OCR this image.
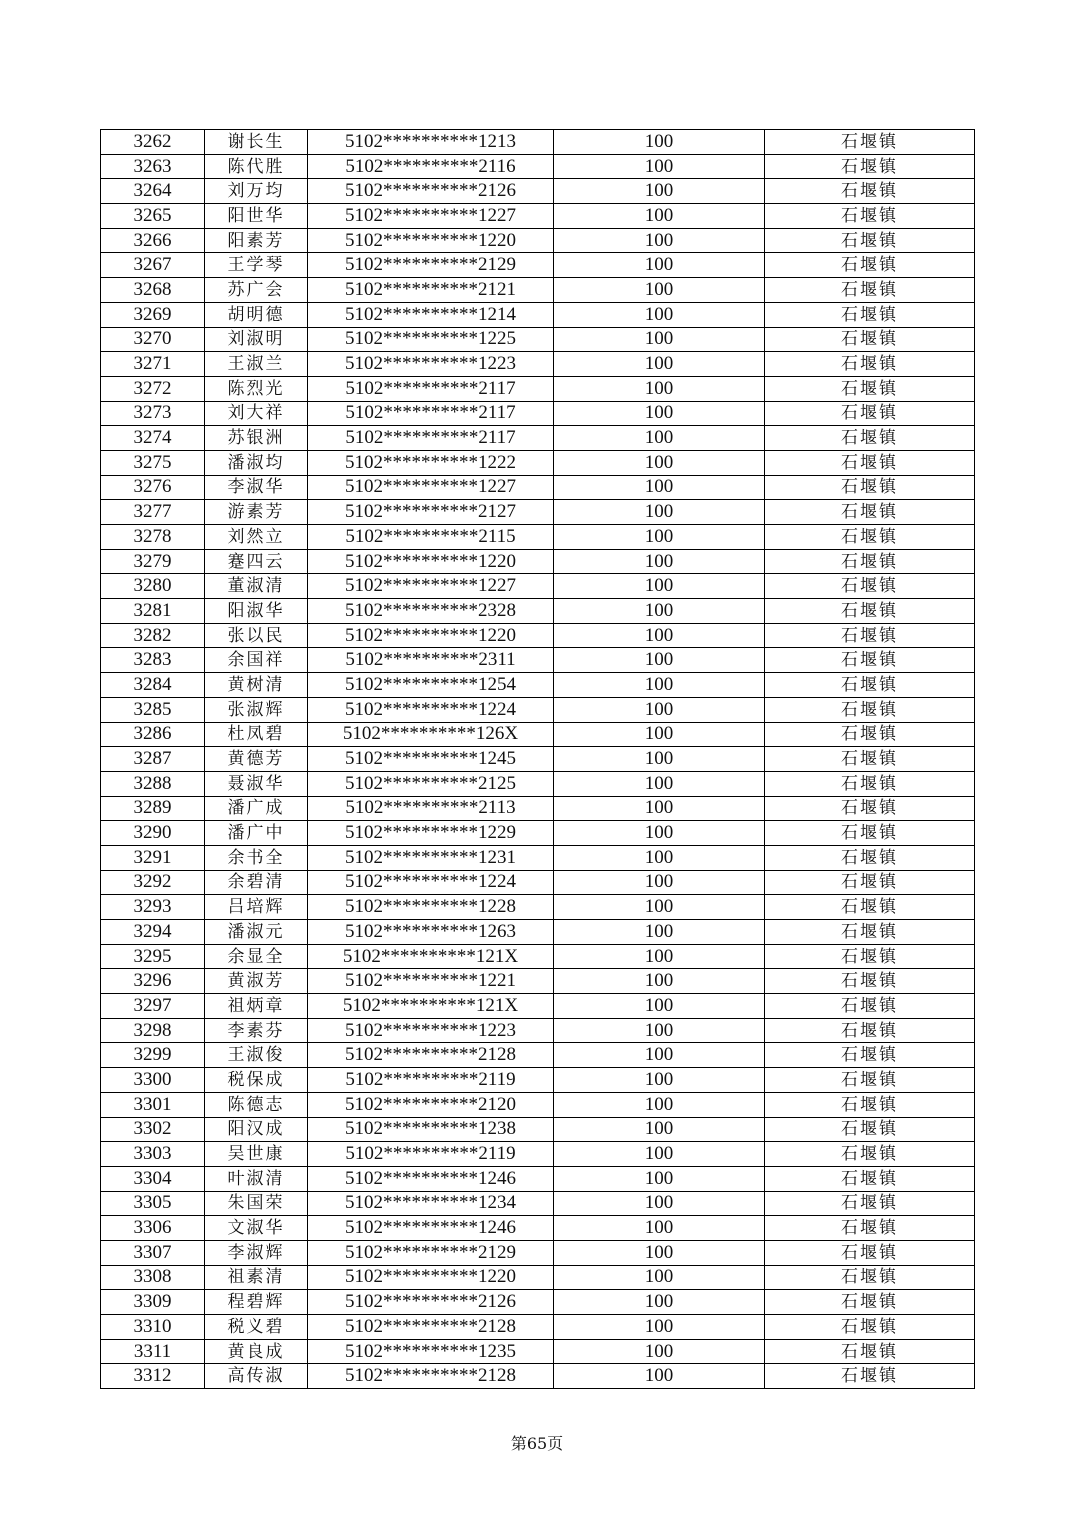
3262	谢长生	5102**********1213	100	石堰镇
3263	陈代胜	5102**********2116	100	石堰镇
3264	刘万均	5102**********2126	100	石堰镇
3265	阳世华	5102**********1227	100	石堰镇
3266	阳素芳	5102**********1220	100	石堰镇
3267	王学琴	5102**********2129	100	石堰镇
3268	苏广会	5102**********2121	100	石堰镇
3269	胡明德	5102**********1214	100	石堰镇
3270	刘淑明	5102**********1225	100	石堰镇
3271	王淑兰	5102**********1223	100	石堰镇
3272	陈烈光	5102**********2117	100	石堰镇
3273	刘大祥	5102**********2117	100	石堰镇
3274	苏银洲	5102**********2117	100	石堰镇
3275	潘淑均	5102**********1222	100	石堰镇
3276	李淑华	5102**********1227	100	石堰镇
3277	游素芳	5102**********2127	100	石堰镇
3278	刘然立	5102**********2115	100	石堰镇
3279	蹇四云	5102**********1220	100	石堰镇
3280	董淑清	5102**********1227	100	石堰镇
3281	阳淑华	5102**********2328	100	石堰镇
3282	张以民	5102**********1220	100	石堰镇
3283	余国祥	5102**********2311	100	石堰镇
3284	黄树清	5102**********1254	100	石堰镇
3285	张淑辉	5102**********1224	100	石堰镇
3286	杜凤碧	5102**********126X	100	石堰镇
3287	黄德芳	5102**********1245	100	石堰镇
3288	聂淑华	5102**********2125	100	石堰镇
3289	潘广成	5102**********2113	100	石堰镇
3290	潘广中	5102**********1229	100	石堰镇
3291	余书全	5102**********1231	100	石堰镇
3292	余碧清	5102**********1224	100	石堰镇
3293	吕培辉	5102**********1228	100	石堰镇
3294	潘淑元	5102**********1263	100	石堰镇
3295	余显全	5102**********121X	100	石堰镇
3296	黄淑芳	5102**********1221	100	石堰镇
3297	祖炳章	5102**********121X	100	石堰镇
3298	李素芬	5102**********1223	100	石堰镇
3299	王淑俊	5102**********2128	100	石堰镇
3300	税保成	5102**********2119	100	石堰镇
3301	陈德志	5102**********2120	100	石堰镇
3302	阳汉成	5102**********1238	100	石堰镇
3303	吴世康	5102**********2119	100	石堰镇
3304	叶淑清	5102**********1246	100	石堰镇
3305	朱国荣	5102**********1234	100	石堰镇
3306	文淑华	5102**********1246	100	石堰镇
3307	李淑辉	5102**********2129	100	石堰镇
3308	祖素清	5102**********1220	100	石堰镇
3309	程碧辉	5102**********2126	100	石堰镇
3310	税义碧	5102**********2128	100	石堰镇
3311	黄良成	5102**********1235	100	石堰镇
3312	高传淑	5102**********2128	100	石堰镇
第65页
